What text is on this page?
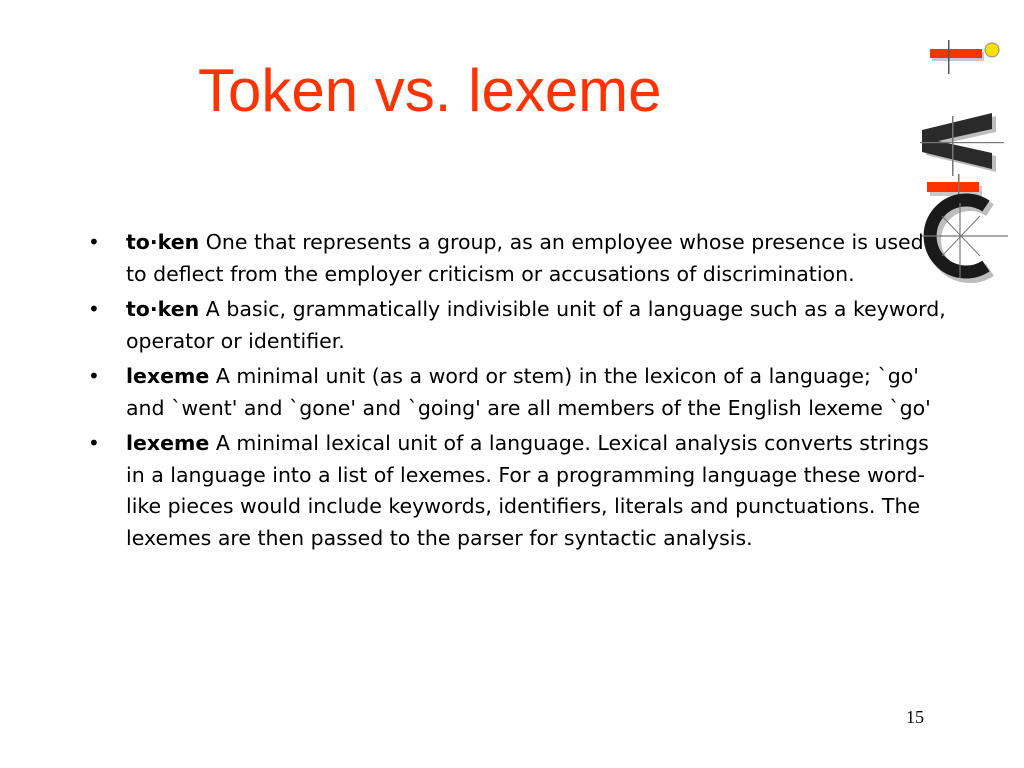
Token vs. lexeme
• to·ken One that represents a group, as an employee whose presence is used to deflect from the employer criticism or accusations of discrimination.
• to·ken A basic, grammatically indivisible unit of a language such as a keyword, operator or identifier.
• lexeme A minimal unit (as a word or stem) in the lexicon of a language; `go' and `went' and `gone' and `going' are all members of the English lexeme `go'
• lexeme A minimal lexical unit of a language. Lexical analysis converts strings in a language into a list of lexemes. For a programming language these word-like pieces would include keywords, identifiers, literals and punctuations. The lexemes are then passed to the parser for syntactic analysis.
15
